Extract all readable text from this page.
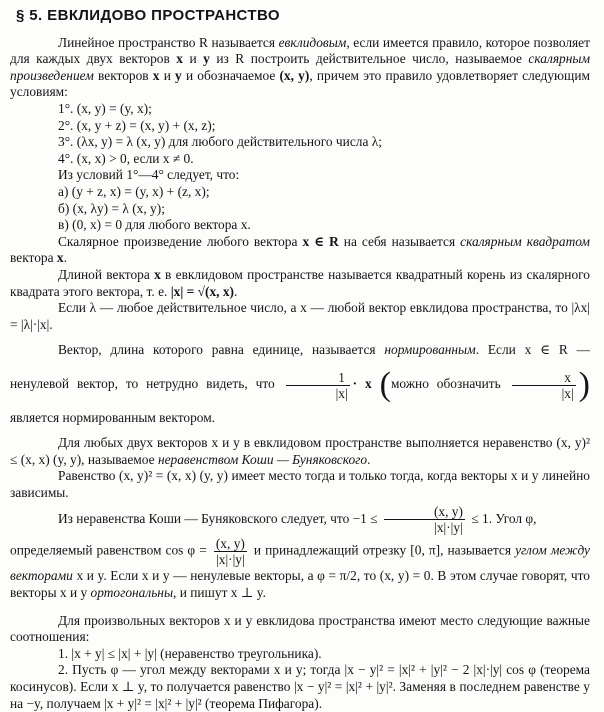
§ 5. ЕВКЛИДОВО ПРОСТРАНСТВО

Линейное пространство R называется евклидовым, если имеется правило, которое позволяет для каждых двух векторов x и y из R построить действительное число, называемое скалярным произведением векторов x и y и обозначаемое (x, y), причем это правило удовлетворяет следующим условиям:

1°. (x, y) = (y, x);

2°. (x, y + z) = (x, y) + (x, z);

3°. (λx, y) = λ (x, y) для любого действительного числа λ;

4°. (x, x) > 0, если x ≠ 0.

Из условий 1°—4° следует, что:

а) (y + z, x) = (y, x) + (z, x);

б) (x, λy) = λ (x, y);

в) (0, x) = 0 для любого вектора x.

Скалярное произведение любого вектора x ∈ R на себя называется скалярным квадратом вектора x.

Длиной вектора x в евклидовом пространстве называется квадратный корень из скалярного квадрата этого вектора, т. е. |x| = √(x, x).

Если λ — любое действительное число, а x — любой вектор евклидова пространства, то |λx| = |λ|·|x|.

Вектор, длина которого равна единице, называется нормированным. Если x ∈ R — ненулевой вектор, то нетрудно видеть, что $\frac{1}{|x|} \cdot x$ (можно обозначить $\frac{x}{|x|}$ ) является нормированным вектором.

Для любых двух векторов x и y в евклидовом пространстве выполняется неравенство (x, y)² ≤ (x, x) (y, y), называемое неравенством Коши — Буняковского.

Равенство (x, y)² = (x, x) (y, y) имеет место тогда и только тогда, когда векторы x и y линейно зависимы.

Из неравенства Коши — Буняковского следует, что $-1 \le \frac{(x, y)}{|x|\cdot|y|} \le 1$. Угол φ,

определяемый равенством $\cos \varphi = \frac{(x, y)}{|x|\cdot|y|}$ и принадлежащий отрезку [0, π], называется углом между векторами x и y. Если x и y — ненулевые векторы, а φ = π/2, то (x, y) = 0. В этом случае говорят, что векторы x и y ортогональны, и пишут x ⊥ y.

Для произвольных векторов x и y евклидова пространства имеют место следующие важные соотношения:

1. |x + y| ≤ |x| + |y| (неравенство треугольника).

2. Пусть φ — угол между векторами x и y; тогда |x − y|² = |x|² + |y|² − 2 |x|·|y| cos φ (теорема косинусов). Если x ⊥ y, то получается равенство |x − y|² = |x|² + |y|². Заменяя в последнем равенстве y на −y, получаем |x + y|² = |x|² + |y|² (теорема Пифагора).
